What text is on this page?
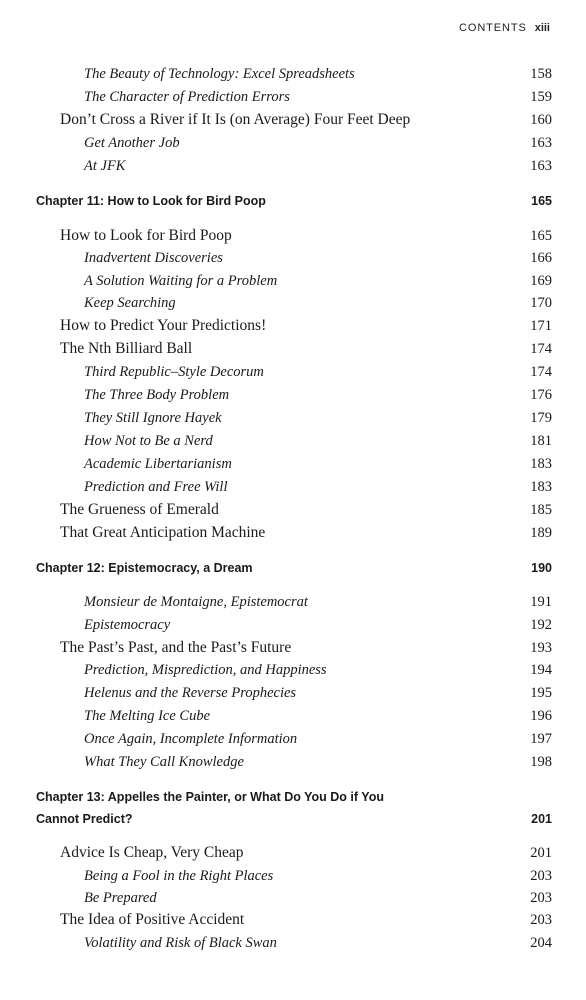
CONTENTS xiii
The Beauty of Technology: Excel Spreadsheets	158
The Character of Prediction Errors	159
Don’t Cross a River if It Is (on Average) Four Feet Deep	160
Get Another Job	163
At JFK	163
Chapter 11: How to Look for Bird Poop	165
How to Look for Bird Poop	165
Inadvertent Discoveries	166
A Solution Waiting for a Problem	169
Keep Searching	170
How to Predict Your Predictions!	171
The Nth Billiard Ball	174
Third Republic–Style Decorum	174
The Three Body Problem	176
They Still Ignore Hayek	179
How Not to Be a Nerd	181
Academic Libertarianism	183
Prediction and Free Will	183
The Grueness of Emerald	185
That Great Anticipation Machine	189
Chapter 12: Epistemocracy, a Dream	190
Monsieur de Montaigne, Epistemocrat	191
Epistemocracy	192
The Past’s Past, and the Past’s Future	193
Prediction, Misprediction, and Happiness	194
Helenus and the Reverse Prophecies	195
The Melting Ice Cube	196
Once Again, Incomplete Information	197
What They Call Knowledge	198
Chapter 13: Appelles the Painter, or What Do You Do if You
Cannot Predict?	201
Advice Is Cheap, Very Cheap	201
Being a Fool in the Right Places	203
Be Prepared	203
The Idea of Positive Accident	203
Volatility and Risk of Black Swan	204
